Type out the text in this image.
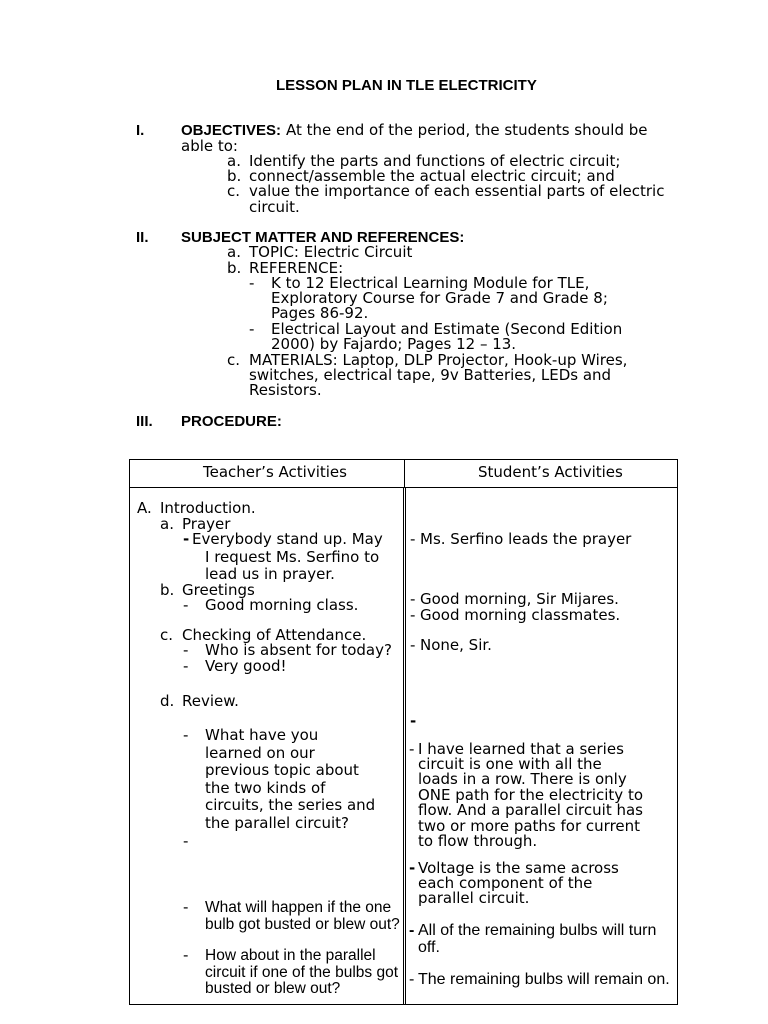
LESSON PLAN IN TLE ELECTRICITY
I. OBJECTIVES: At the end of the period, the students should be
able to:
a. Identify the parts and functions of electric circuit;
b. connect/assemble the actual electric circuit; and
c. value the importance of each essential parts of electric
circuit.
II. SUBJECT MATTER AND REFERENCES:
a. TOPIC: Electric Circuit
b. REFERENCE:
- K to 12 Electrical Learning Module for TLE,
Exploratory Course for Grade 7 and Grade 8;
Pages 86-92.
- Electrical Layout and Estimate (Second Edition
2000) by Fajardo; Pages 12 – 13.
c. MATERIALS: Laptop, DLP Projector, Hook-up Wires,
switches, electrical tape, 9v Batteries, LEDs and
Resistors.
III. PROCEDURE:
Teacher’s Activities	Student’s Activities
A. Introduction.
a. Prayer
- Everybody stand up. May
I request Ms. Serfino to
lead us in prayer.
b. Greetings
- Good morning class.
c. Checking of Attendance.
- Who is absent for today?
- Very good!
d. Review.
- What have you
learned on our
previous topic about
the two kinds of
circuits, the series and
the parallel circuit?
-
- What will happen if the one
bulb got busted or blew out?
- How about in the parallel
circuit if one of the bulbs got
busted or blew out?
- Ms. Serfino leads the prayer
- Good morning, Sir Mijares.
- Good morning classmates.
- None, Sir.
-
- I have learned that a series
circuit is one with all the
loads in a row. There is only
ONE path for the electricity to
flow. And a parallel circuit has
two or more paths for current
to flow through.
- Voltage is the same across
each component of the
parallel circuit.
- All of the remaining bulbs will turn
off.
- The remaining bulbs will remain on.
